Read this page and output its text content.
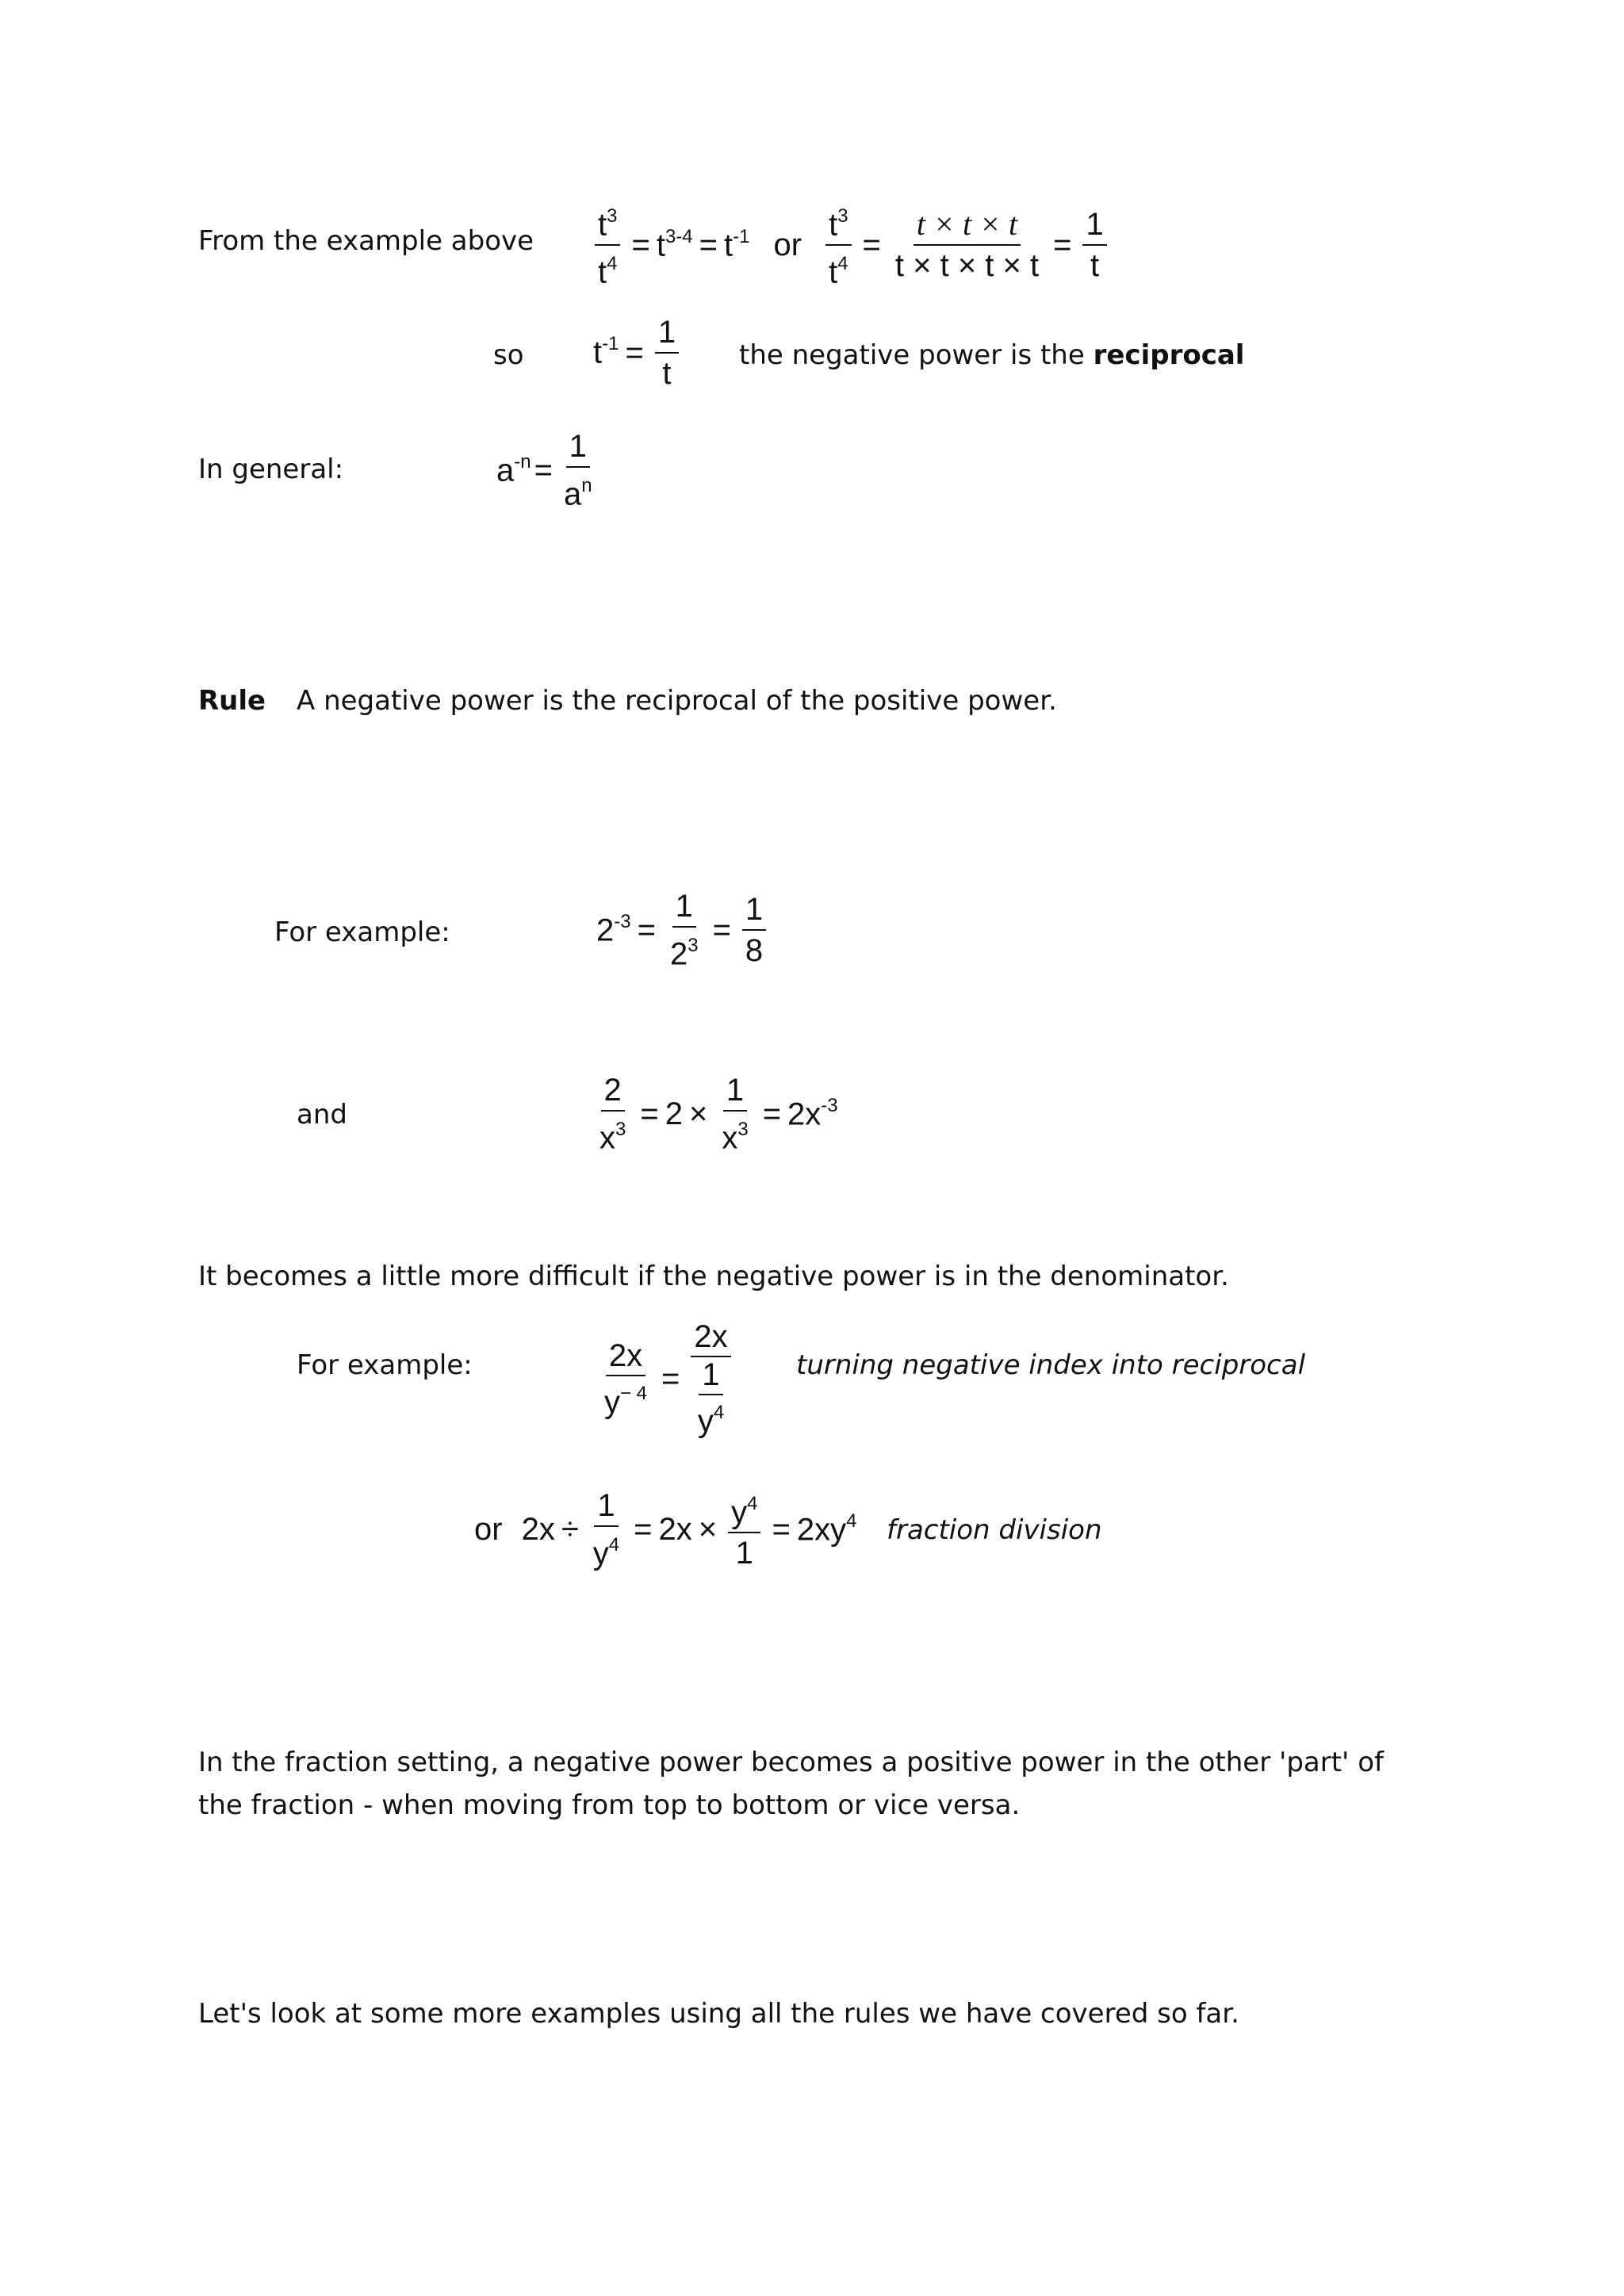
From the example above $\frac{t^3}{t^4} = t^{3-4} = t^{-1}$ or $\frac{t^3}{t^4} = \frac{t \times t \times t}{t \times t \times t \times t} = \frac{1}{t}$
so $t^{-1} = \frac{1}{t}$ the negative power is the reciprocal
In general:	$a^{-n} = \frac{1}{a^n}$
Rule A negative power is the reciprocal of the positive power.
For example:	$2^{-3} = \frac{1}{2^3} = \frac{1}{8}$
and	$\frac{2}{x^3} = 2 \times \frac{1}{x^3} = 2x^{-3}$
It becomes a little more difficult if the negative power is in the denominator.
For example:	$\frac{2x}{y^{- 4}} = \frac{2x}{\frac{1}{y^4}}$ turning negative index into reciprocal
or $2x \div \frac{1}{y^4} = 2x \times \frac{y^4}{1} = 2xy^4$ fraction division
In the fraction setting, a negative power becomes a positive power in the other 'part' of the fraction - when moving from top to bottom or vice versa.
Let's look at some more examples using all the rules we have covered so far.
